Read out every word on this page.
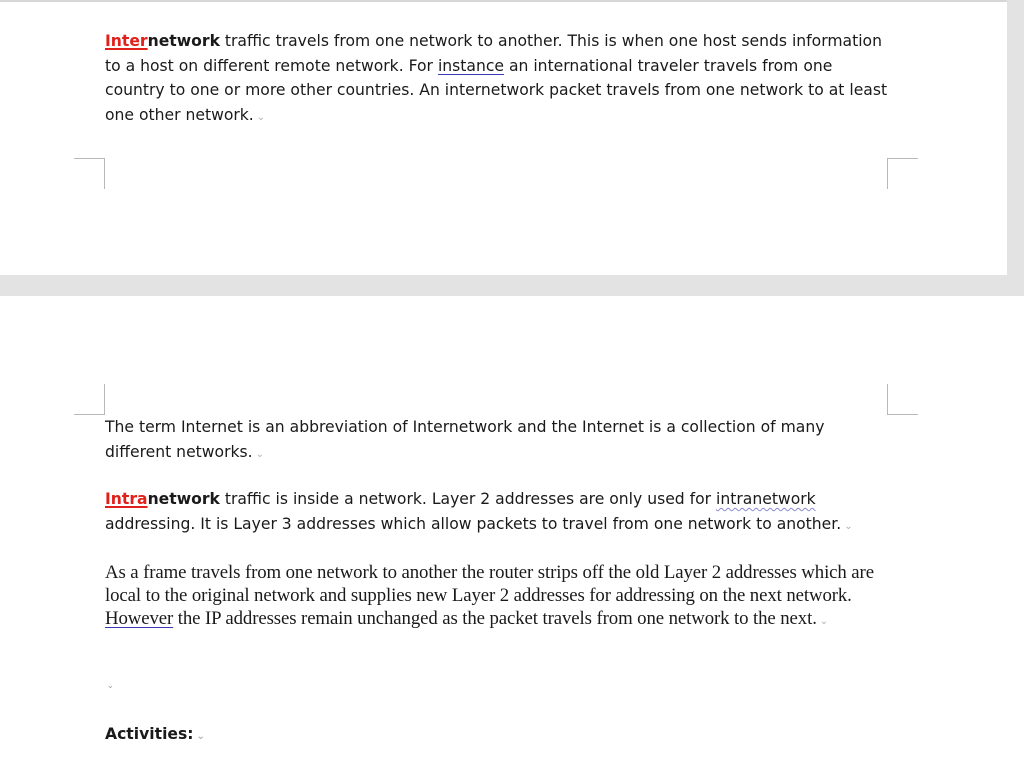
Internetwork traffic travels from one network to another. This is when one host sends information to a host on different remote network. For instance an international traveler travels from one country to one or more other countries. An internetwork packet travels from one network to at least one other network. ⌄

The term Internet is an abbreviation of Internetwork and the Internet is a collection of many different networks. ⌄

Intranetwork traffic is inside a network. Layer 2 addresses are only used for intranetwork addressing. It is Layer 3 addresses which allow packets to travel from one network to another. ⌄

As a frame travels from one network to another the router strips off the old Layer 2 addresses which are local to the original network and supplies new Layer 2 addresses for addressing on the next network. However the IP addresses remain unchanged as the packet travels from one network to the next. ⌄

⌄

Activities: ⌄
